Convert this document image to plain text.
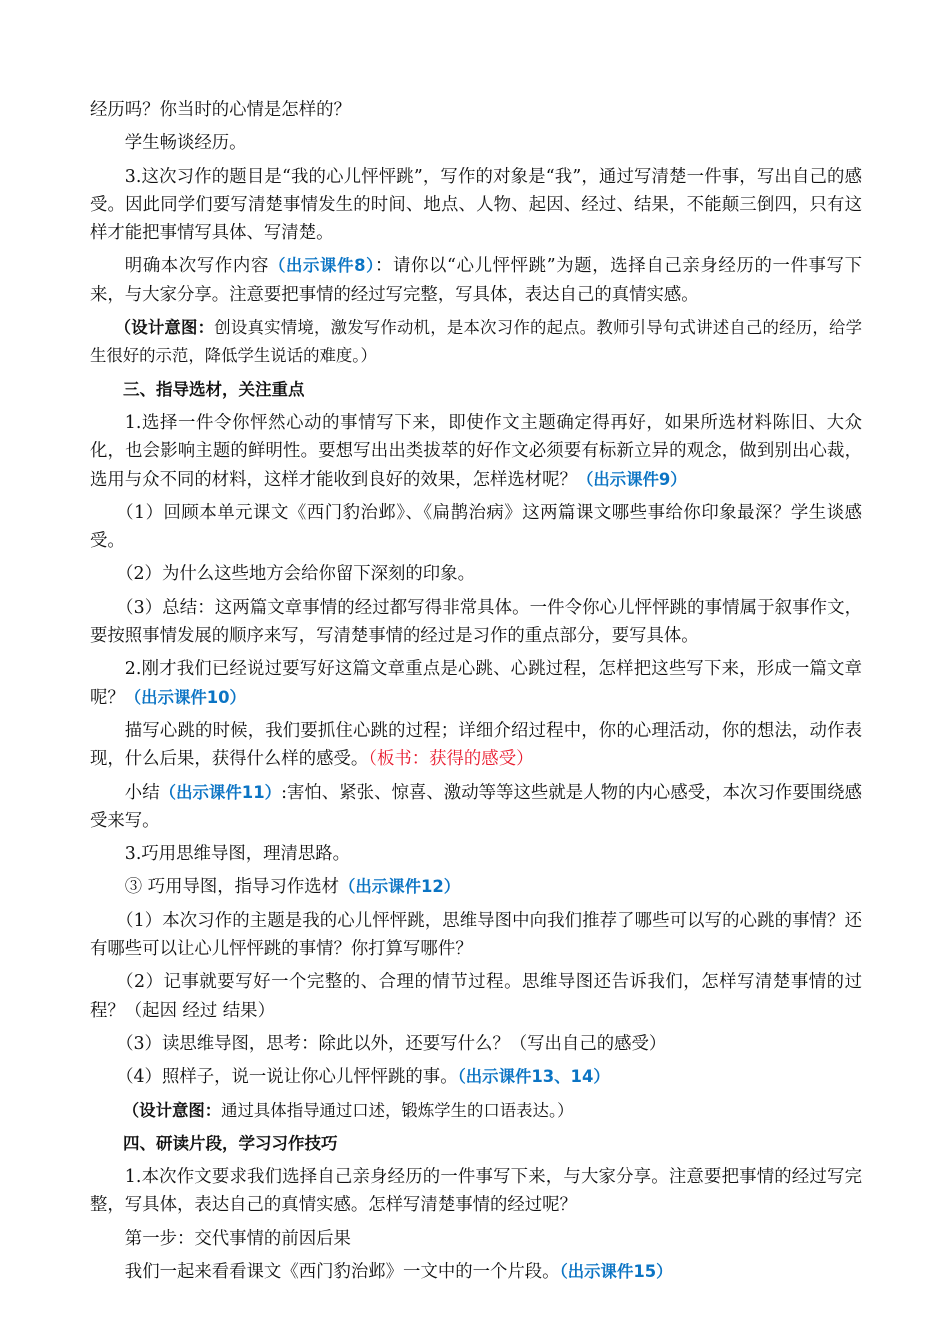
经历吗？你当时的心情是怎样的？

学生畅谈经历。

3.这次习作的题目是“我的心儿怦怦跳”，写作的对象是“我”，通过写清楚一件事，写出自己的感受。因此同学们要写清楚事情发生的时间、地点、人物、起因、经过、结果，不能颠三倒四，只有这样才能把事情写具体、写清楚。

明确本次写作内容（出示课件8）：请你以“心儿怦怦跳”为题，选择自己亲身经历的一件事写下来，与大家分享。注意要把事情的经过写完整，写具体，表达自己的真情实感。

（设计意图：创设真实情境，激发写作动机，是本次习作的起点。教师引导句式讲述自己的经历，给学生很好的示范，降低学生说话的难度。）

三、指导选材，关注重点

1.选择一件令你怦然心动的事情写下来，即使作文主题确定得再好，如果所选材料陈旧、大众化，也会影响主题的鲜明性。要想写出出类拔萃的好作文必须要有标新立异的观念，做到别出心裁，选用与众不同的材料，这样才能收到良好的效果，怎样选材呢？（出示课件9）

（1）回顾本单元课文《西门豹治邺》、《扁鹊治病》这两篇课文哪些事给你印象最深？学生谈感受。

（2）为什么这些地方会给你留下深刻的印象。

（3）总结：这两篇文章事情的经过都写得非常具体。一件令你心儿怦怦跳的事情属于叙事作文，要按照事情发展的顺序来写，写清楚事情的经过是习作的重点部分，要写具体。

2.刚才我们已经说过要写好这篇文章重点是心跳、心跳过程，怎样把这些写下来，形成一篇文章呢？（出示课件10）

描写心跳的时候，我们要抓住心跳的过程；详细介绍过程中，你的心理活动，你的想法，动作表现，什么后果，获得什么样的感受。（板书：获得的感受）

小结（出示课件11）:害怕、紧张、惊喜、激动等等这些就是人物的内心感受，本次习作要围绕感受来写。

3.巧用思维导图，理清思路。

③ 巧用导图，指导习作选材（出示课件12）

（1）本次习作的主题是我的心儿怦怦跳，思维导图中向我们推荐了哪些可以写的心跳的事情？还有哪些可以让心儿怦怦跳的事情？你打算写哪件？

（2）记事就要写好一个完整的、合理的情节过程。思维导图还告诉我们，怎样写清楚事情的过程？（起因 经过 结果）

（3）读思维导图，思考：除此以外，还要写什么？（写出自己的感受）

（4）照样子，说一说让你心儿怦怦跳的事。（出示课件13、14）

（设计意图：通过具体指导通过口述，锻炼学生的口语表达。）

四、研读片段，学习习作技巧

1.本次作文要求我们选择自己亲身经历的一件事写下来，与大家分享。注意要把事情的经过写完整，写具体，表达自己的真情实感。怎样写清楚事情的经过呢？

第一步：交代事情的前因后果

我们一起来看看课文《西门豹治邺》一文中的一个片段。（出示课件15）
